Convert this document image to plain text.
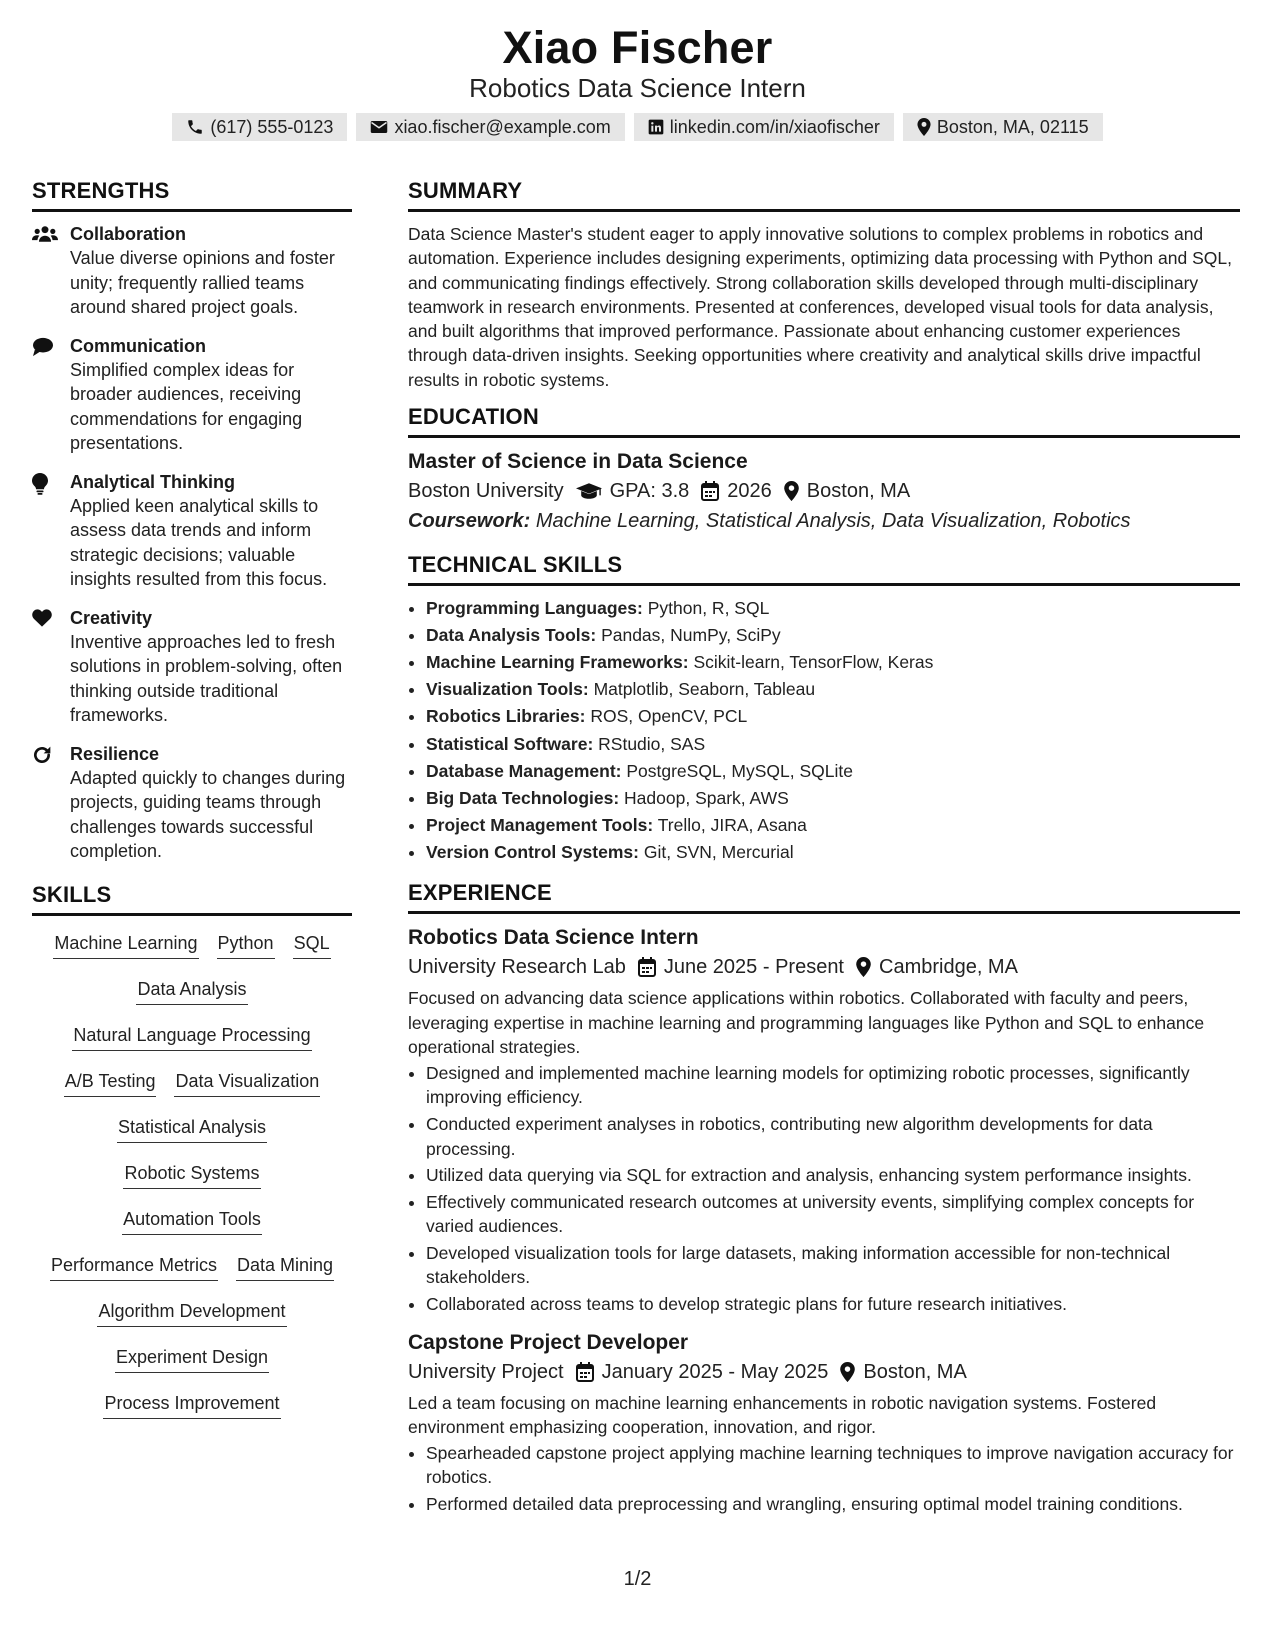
Xiao Fischer
Robotics Data Science Intern
(617) 555-0123	xiao.fischer@example.com	linkedin.com/in/xiaofischer	Boston, MA, 02115
STRENGTHS
Collaboration
Value diverse opinions and foster unity; frequently rallied teams around shared project goals.
Communication
Simplified complex ideas for broader audiences, receiving commendations for engaging presentations.
Analytical Thinking
Applied keen analytical skills to assess data trends and inform strategic decisions; valuable insights resulted from this focus.
Creativity
Inventive approaches led to fresh solutions in problem-solving, often thinking outside traditional frameworks.
Resilience
Adapted quickly to changes during projects, guiding teams through challenges towards successful completion.
SKILLS
Machine Learning Python SQL
Data Analysis
Natural Language Processing
A/B Testing Data Visualization
Statistical Analysis
Robotic Systems
Automation Tools
Performance Metrics Data Mining
Algorithm Development
Experiment Design
Process Improvement
SUMMARY

Data Science Master's student eager to apply innovative solutions to complex problems in robotics and automation. Experience includes designing experiments, optimizing data processing with Python and SQL, and communicating findings effectively. Strong collaboration skills developed through multi-disciplinary teamwork in research environments. Presented at conferences, developed visual tools for data analysis, and built algorithms that improved performance. Passionate about enhancing customer experiences through data-driven insights. Seeking opportunities where creativity and analytical skills drive impactful results in robotic systems.

EDUCATION
Master of Science in Data Science
Boston University GPA: 3.8 2026 Boston, MA
Coursework: Machine Learning, Statistical Analysis, Data Visualization, Robotics
TECHNICAL SKILLS
• Programming Languages: Python, R, SQL
• Data Analysis Tools: Pandas, NumPy, SciPy
• Machine Learning Frameworks: Scikit-learn, TensorFlow, Keras
• Visualization Tools: Matplotlib, Seaborn, Tableau
• Robotics Libraries: ROS, OpenCV, PCL
• Statistical Software: RStudio, SAS
• Database Management: PostgreSQL, MySQL, SQLite
• Big Data Technologies: Hadoop, Spark, AWS
• Project Management Tools: Trello, JIRA, Asana
• Version Control Systems: Git, SVN, Mercurial
EXPERIENCE
Robotics Data Science Intern
University Research Lab June 2025 - Present Cambridge, MA

Focused on advancing data science applications within robotics. Collaborated with faculty and peers, leveraging expertise in machine learning and programming languages like Python and SQL to enhance operational strategies.

• Designed and implemented machine learning models for optimizing robotic processes, significantly improving efficiency.
• Conducted experiment analyses in robotics, contributing new algorithm developments for data processing.
• Utilized data querying via SQL for extraction and analysis, enhancing system performance insights.
• Effectively communicated research outcomes at university events, simplifying complex concepts for varied audiences.
• Developed visualization tools for large datasets, making information accessible for non-technical stakeholders.
• Collaborated across teams to develop strategic plans for future research initiatives.
Capstone Project Developer
University Project January 2025 - May 2025 Boston, MA

Led a team focusing on machine learning enhancements in robotic navigation systems. Fostered environment emphasizing cooperation, innovation, and rigor.

• Spearheaded capstone project applying machine learning techniques to improve navigation accuracy for robotics.
• Performed detailed data preprocessing and wrangling, ensuring optimal model training conditions.
1/2
